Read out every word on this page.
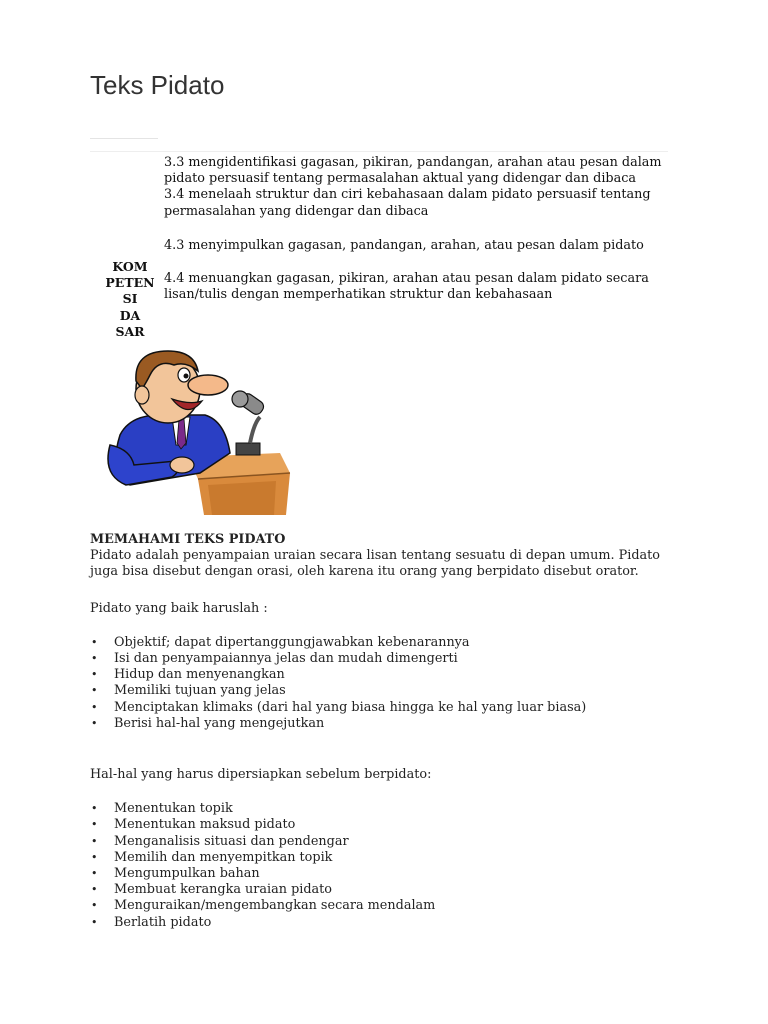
Teks Pidato
KOM
PETEN
SI
DA
SAR

3.3 mengidentifikasi gagasan, pikiran, pandangan, arahan atau pesan dalam pidato persuasif tentang permasalahan aktual yang didengar dan dibaca

3.4 menelaah struktur dan ciri kebahasaan dalam pidato persuasif tentang permasalahan yang didengar dan dibaca

4.3 menyimpulkan gagasan, pandangan, arahan, atau pesan dalam pidato

4.4 menuangkan gagasan, pikiran, arahan atau pesan dalam pidato secara lisan/tulis dengan memperhatikan struktur dan kebahasaan

MEMAHAMI TEKS PIDATO

Pidato adalah penyampaian uraian secara lisan tentang sesuatu di depan umum. Pidato juga bisa disebut dengan orasi, oleh karena itu orang yang berpidato disebut orator.

Pidato yang baik haruslah :

• Objektif; dapat dipertanggungjawabkan kebenarannya
• Isi dan penyampaiannya jelas dan mudah dimengerti
• Hidup dan menyenangkan
• Memiliki tujuan yang jelas
• Menciptakan klimaks (dari hal yang biasa hingga ke hal yang luar biasa)
• Berisi hal-hal yang mengejutkan

Hal-hal yang harus dipersiapkan sebelum berpidato:

• Menentukan topik
• Menentukan maksud pidato
• Menganalisis situasi dan pendengar
• Memilih dan menyempitkan topik
• Mengumpulkan bahan
• Membuat kerangka uraian pidato
• Menguraikan/mengembangkan secara mendalam
• Berlatih pidato
